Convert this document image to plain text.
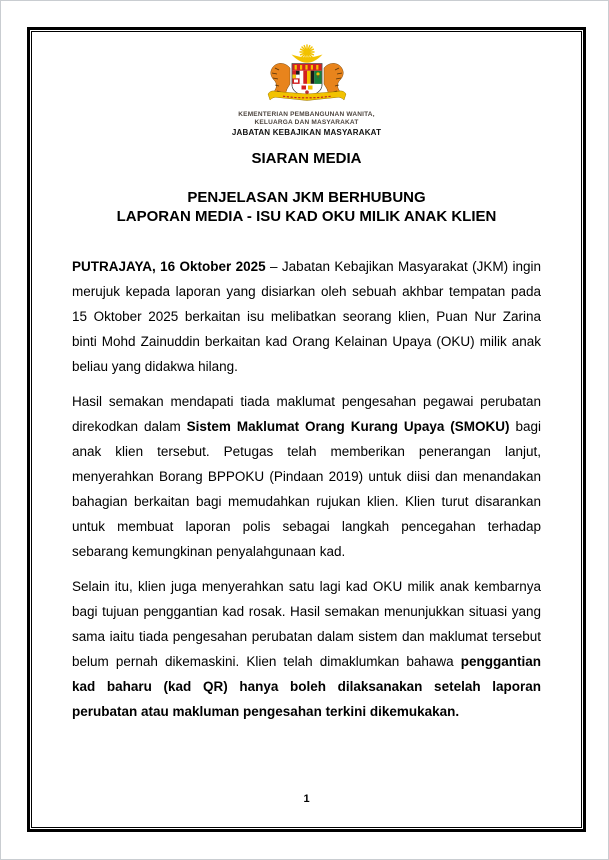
KEMENTERIAN PEMBANGUNAN WANITA,
KELUARGA DAN MASYARAKAT
JABATAN KEBAJIKAN MASYARAKAT
SIARAN MEDIA
PENJELASAN JKM BERHUBUNG
LAPORAN MEDIA - ISU KAD OKU MILIK ANAK KLIEN

PUTRAJAYA, 16 Oktober 2025 – Jabatan Kebajikan Masyarakat (JKM) ingin merujuk kepada laporan yang disiarkan oleh sebuah akhbar tempatan pada 15 Oktober 2025 berkaitan isu melibatkan seorang klien, Puan Nur Zarina binti Mohd Zainuddin berkaitan kad Orang Kelainan Upaya (OKU) milik anak beliau yang didakwa hilang.

Hasil semakan mendapati tiada maklumat pengesahan pegawai perubatan direkodkan dalam Sistem Maklumat Orang Kurang Upaya (SMOKU) bagi anak klien tersebut. Petugas telah memberikan penerangan lanjut, menyerahkan Borang BPPOKU (Pindaan 2019) untuk diisi dan menandakan bahagian berkaitan bagi memudahkan rujukan klien. Klien turut disarankan untuk membuat laporan polis sebagai langkah pencegahan terhadap sebarang kemungkinan penyalahgunaan kad.

Selain itu, klien juga menyerahkan satu lagi kad OKU milik anak kembarnya bagi tujuan penggantian kad rosak. Hasil semakan menunjukkan situasi yang sama iaitu tiada pengesahan perubatan dalam sistem dan maklumat tersebut belum pernah dikemaskini. Klien telah dimaklumkan bahawa penggantian kad baharu (kad QR) hanya boleh dilaksanakan setelah laporan perubatan atau makluman pengesahan terkini dikemukakan.

1
